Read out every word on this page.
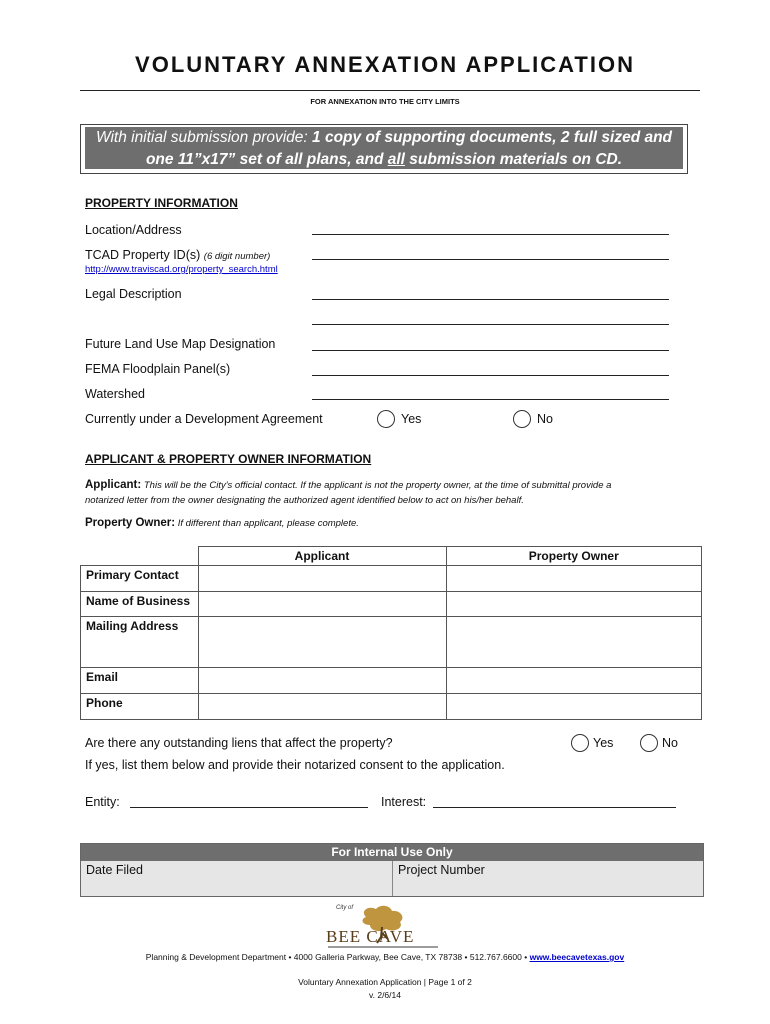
VOLUNTARY ANNEXATION APPLICATION
FOR ANNEXATION INTO THE CITY LIMITS
With initial submission provide: 1 copy of supporting documents, 2 full sized and
one 11”x17” set of all plans, and all submission materials on CD.
PROPERTY INFORMATION
Location/Address
TCAD Property ID(s) (6 digit number)
http://www.traviscad.org/property_search.html
Legal Description
Future Land Use Map Designation
FEMA Floodplain Panel(s)
Watershed
Currently under a Development Agreement	Yes	No
APPLICANT & PROPERTY OWNER INFORMATION
Applicant: This will be the City's official contact. If the applicant is not the property owner, at the time of submittal provide a
notarized letter from the owner designating the authorized agent identified below to act on his/her behalf.
Property Owner: If different than applicant, please complete.
	Applicant	Property Owner
Primary Contact		
Name of Business		
Mailing Address		
Email		
Phone		
Are there any outstanding liens that affect the property?	Yes	No
If yes, list them below and provide their notarized consent to the application.
Entity:	Interest:
For Internal Use Only
Date Filed	Project Number
City of
BEE CAVE
Planning & Development Department • 4000 Galleria Parkway, Bee Cave, TX 78738 • 512.767.6600 • www.beecavetexas.gov
Voluntary Annexation Application | Page 1 of 2
v. 2/6/14
